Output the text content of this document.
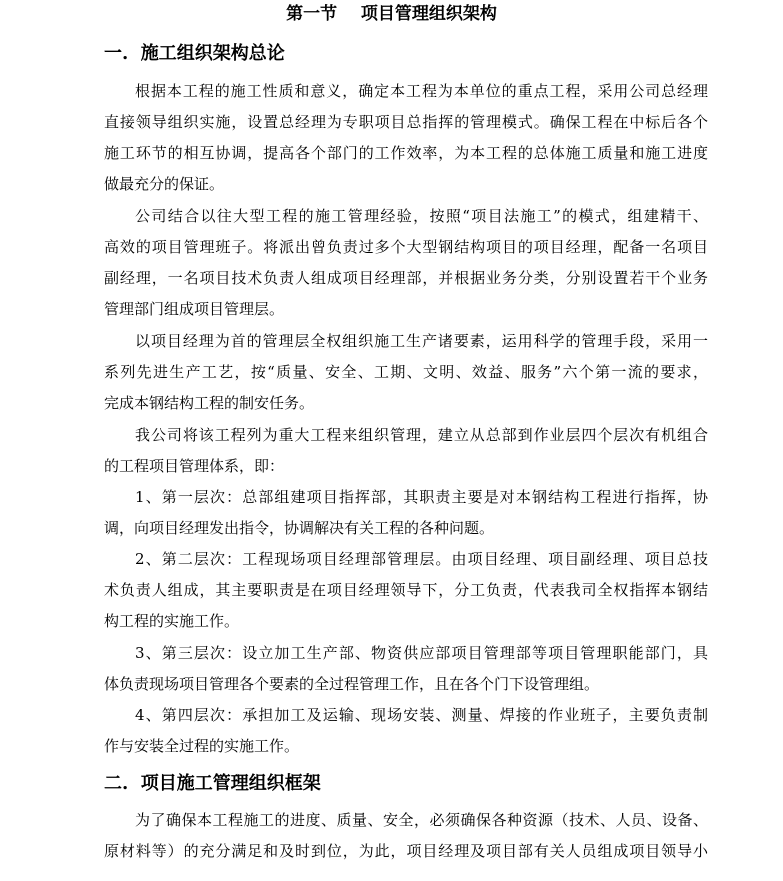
第一节    项目管理组织架构
一.  施工组织架构总论
根据本工程的施工性质和意义，确定本工程为本单位的重点工程，采用公司总经理
直接领导组织实施，设置总经理为专职项目总指挥的管理模式。确保工程在中标后各个
施工环节的相互协调，提高各个部门的工作效率，为本工程的总体施工质量和施工进度
做最充分的保证。
公司结合以往大型工程的施工管理经验，按照“项目法施工”的模式，组建精干、
高效的项目管理班子。将派出曾负责过多个大型钢结构项目的项目经理，配备一名项目
副经理，一名项目技术负责人组成项目经理部，并根据业务分类，分别设置若干个业务
管理部门组成项目管理层。
以项目经理为首的管理层全权组织施工生产诸要素，运用科学的管理手段，采用一
系列先进生产工艺，按“质量、安全、工期、文明、效益、服务”六个第一流的要求，
完成本钢结构工程的制安任务。
我公司将该工程列为重大工程来组织管理，建立从总部到作业层四个层次有机组合
的工程项目管理体系，即：
1、第一层次：总部组建项目指挥部，其职责主要是对本钢结构工程进行指挥，协
调，向项目经理发出指令，协调解决有关工程的各种问题。
2、第二层次：工程现场项目经理部管理层。由项目经理、项目副经理、项目总技
术负责人组成，其主要职责是在项目经理领导下，分工负责，代表我司全权指挥本钢结
构工程的实施工作。
3、第三层次：设立加工生产部、物资供应部项目管理部等项目管理职能部门，具
体负责现场项目管理各个要素的全过程管理工作，且在各个门下设管理组。
4、第四层次：承担加工及运输、现场安装、测量、焊接的作业班子，主要负责制
作与安装全过程的实施工作。
二.  项目施工管理组织框架
为了确保本工程施工的进度、质量、安全，必须确保各种资源（技术、人员、设备、
原材料等）的充分满足和及时到位，为此，项目经理及项目部有关人员组成项目领导小
